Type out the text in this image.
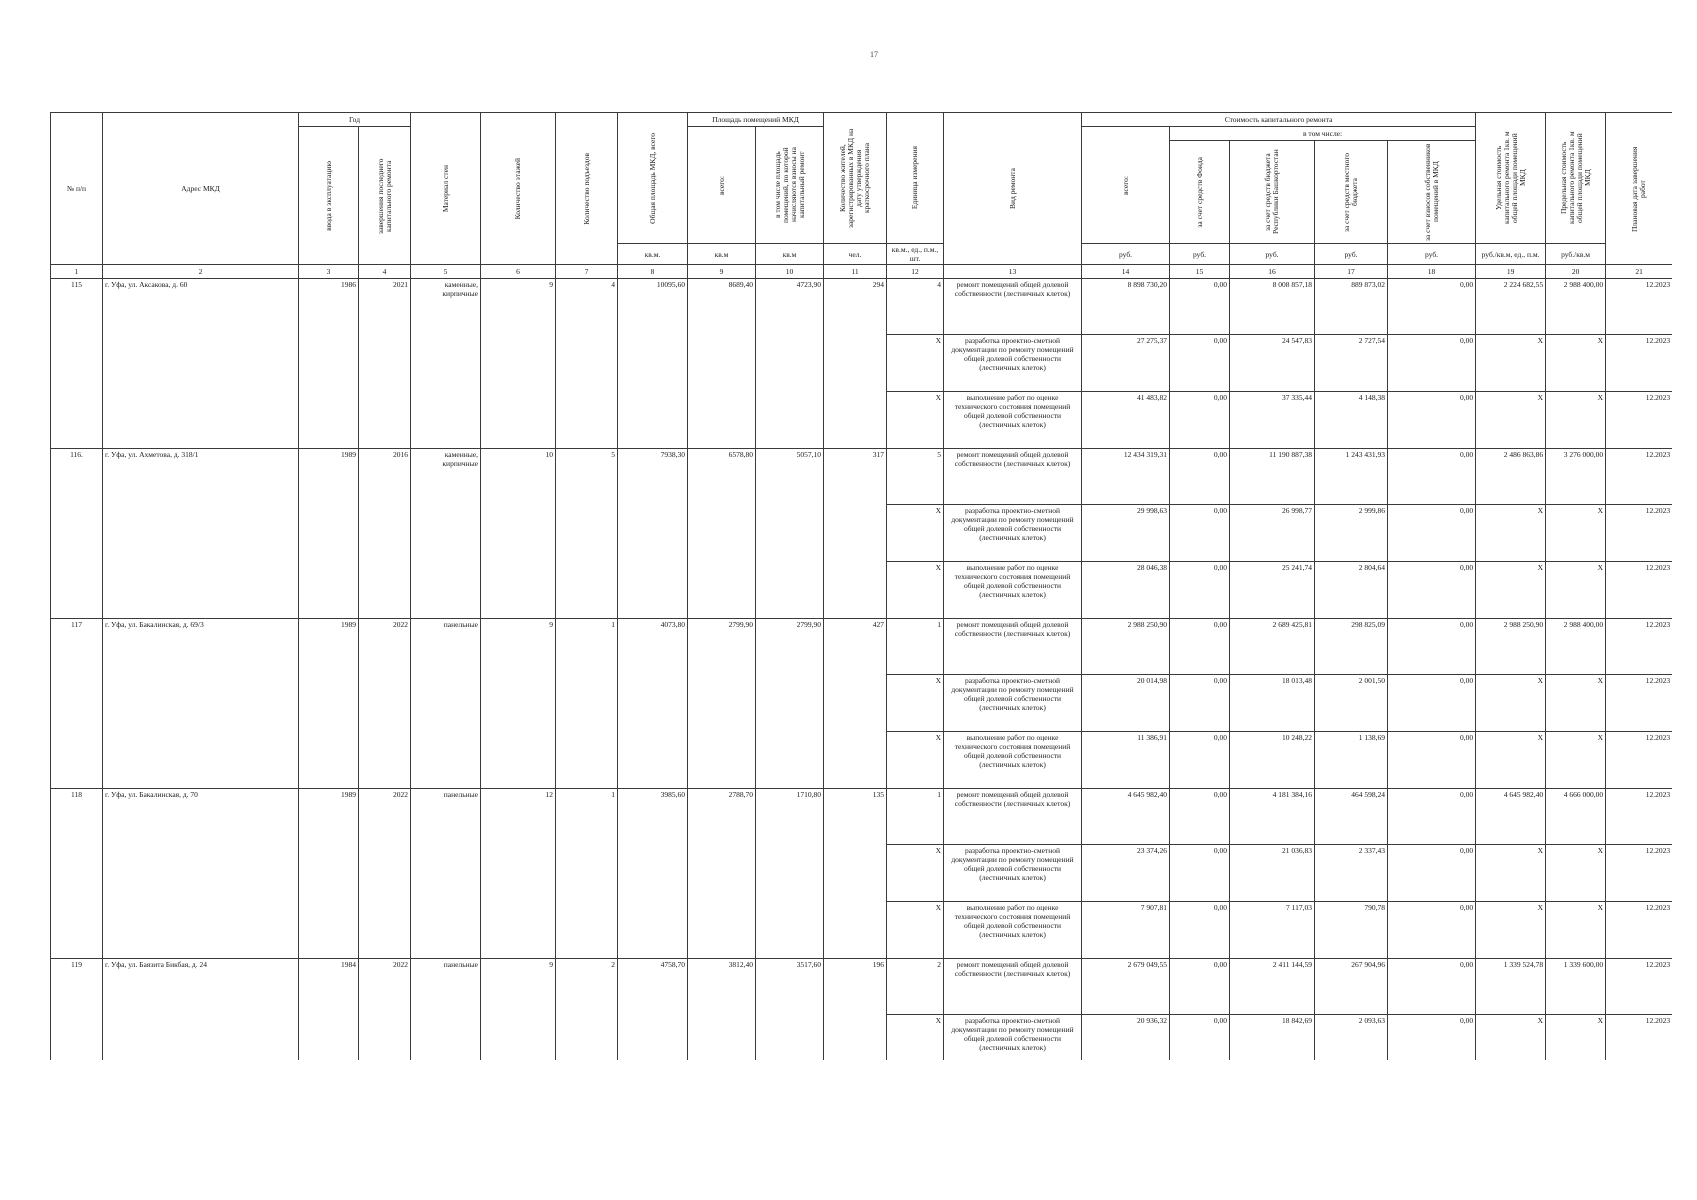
17
№ п/п	Адрес МКД	Год		Материал стен	Количество этажей	Количество подъездов	Общая площадь МКД, всего	Площадь помещений МКД		Количество жителей, зарегистрированных в МКД на дату утверждения краткосрочного плана	Единица измерения	Вид ремонта	Стоимость капитального ремонта					Удельная стоимость капитального ремонта 1кв. м общей площади помещений МКД	Предельная стоимость капитального ремонта 1кв. м общей площади помещений МКД	Плановая дата завершения работ

		ввода в эксплуатацию	завершения последнего капитального ремонта					всего:	в том числе площадь помещений, по которой начисляются взносы на капитальный ремонт				всего:	в том числе:						

														за счет средств Фонда	за счет средств бюджета Республики Башкортостан	за счет средств местного бюджета	за счет взносов собственников помещений в МКД			

							кв.м.	кв.м	кв.м	чел.	кв.м., ед., п.м., шт.		руб.	руб.	руб.	руб.	руб.	руб./кв.м, ед., п.м.	руб./кв.м	
1	2	3	4	5	6	7	8	9	10	11	12	13	14	15	16	17	18	19	20	21
115	г. Уфа, ул. Аксакова, д. 60	1986	2021	каменные, кирпичные	9	4	10095,60	8689,40	4723,90	294	4	ремонт помещений общей долевой собственности (лестничных клеток)	8 898 730,20	0,00	8 008 857,18	889 873,02	0,00	2 224 682,55	2 988 400,00	12.2023
											X	разработка проектно-сметной документации по ремонту помещений общей долевой собственности (лестничных клеток)	27 275,37	0,00	24 547,83	2 727,54	0,00	X	X	12.2023
											X	выполнение работ по оценке технического состояния помещений общей долевой собственности (лестничных клеток)	41 483,82	0,00	37 335,44	4 148,38	0,00	X	X	12.2023
116.	г. Уфа, ул. Ахметова, д. 318/1	1989	2016	каменные, кирпичные	10	5	7938,30	6578,80	5057,10	317	5	ремонт помещений общей долевой собственности (лестничных клеток)	12 434 319,31	0,00	11 190 887,38	1 243 431,93	0,00	2 486 863,86	3 276 000,00	12.2023
											X	разработка проектно-сметной документации по ремонту помещений общей долевой собственности (лестничных клеток)	29 998,63	0,00	26 998,77	2 999,86	0,00	X	X	12.2023
											X	выполнение работ по оценке технического состояния помещений общей долевой собственности (лестничных клеток)	28 046,38	0,00	25 241,74	2 804,64	0,00	X	X	12.2023
117	г. Уфа, ул. Бакалинская, д. 69/3	1989	2022	панельные	9	1	4073,80	2799,90	2799,90	427	1	ремонт помещений общей долевой собственности (лестничных клеток)	2 988 250,90	0,00	2 689 425,81	298 825,09	0,00	2 988 250,90	2 988 400,00	12.2023
											X	разработка проектно-сметной документации по ремонту помещений общей долевой собственности (лестничных клеток)	20 014,98	0,00	18 013,48	2 001,50	0,00	X	X	12.2023
											X	выполнение работ по оценке технического состояния помещений общей долевой собственности (лестничных клеток)	11 386,91	0,00	10 248,22	1 138,69	0,00	X	X	12.2023
118	г. Уфа, ул. Бакалинская, д. 70	1989	2022	панельные	12	1	3985,60	2788,70	1710,80	135	1	ремонт помещений общей долевой собственности (лестничных клеток)	4 645 982,40	0,00	4 181 384,16	464 598,24	0,00	4 645 982,40	4 666 000,00	12.2023
											X	разработка проектно-сметной документации по ремонту помещений общей долевой собственности (лестничных клеток)	23 374,26	0,00	21 036,83	2 337,43	0,00	X	X	12.2023
											X	выполнение работ по оценке технического состояния помещений общей долевой собственности (лестничных клеток)	7 907,81	0,00	7 117,03	790,78	0,00	X	X	12.2023
119	г. Уфа, ул. Баязита Бикбая, д. 24	1984	2022	панельные	9	2	4758,70	3812,40	3517,60	196	2	ремонт помещений общей долевой собственности (лестничных клеток)	2 679 049,55	0,00	2 411 144,59	267 904,96	0,00	1 339 524,78	1 339 600,00	12.2023
											X	разработка проектно-сметной документации по ремонту помещений общей долевой собственности (лестничных клеток)	20 936,32	0,00	18 842,69	2 093,63	0,00	X	X	12.2023
